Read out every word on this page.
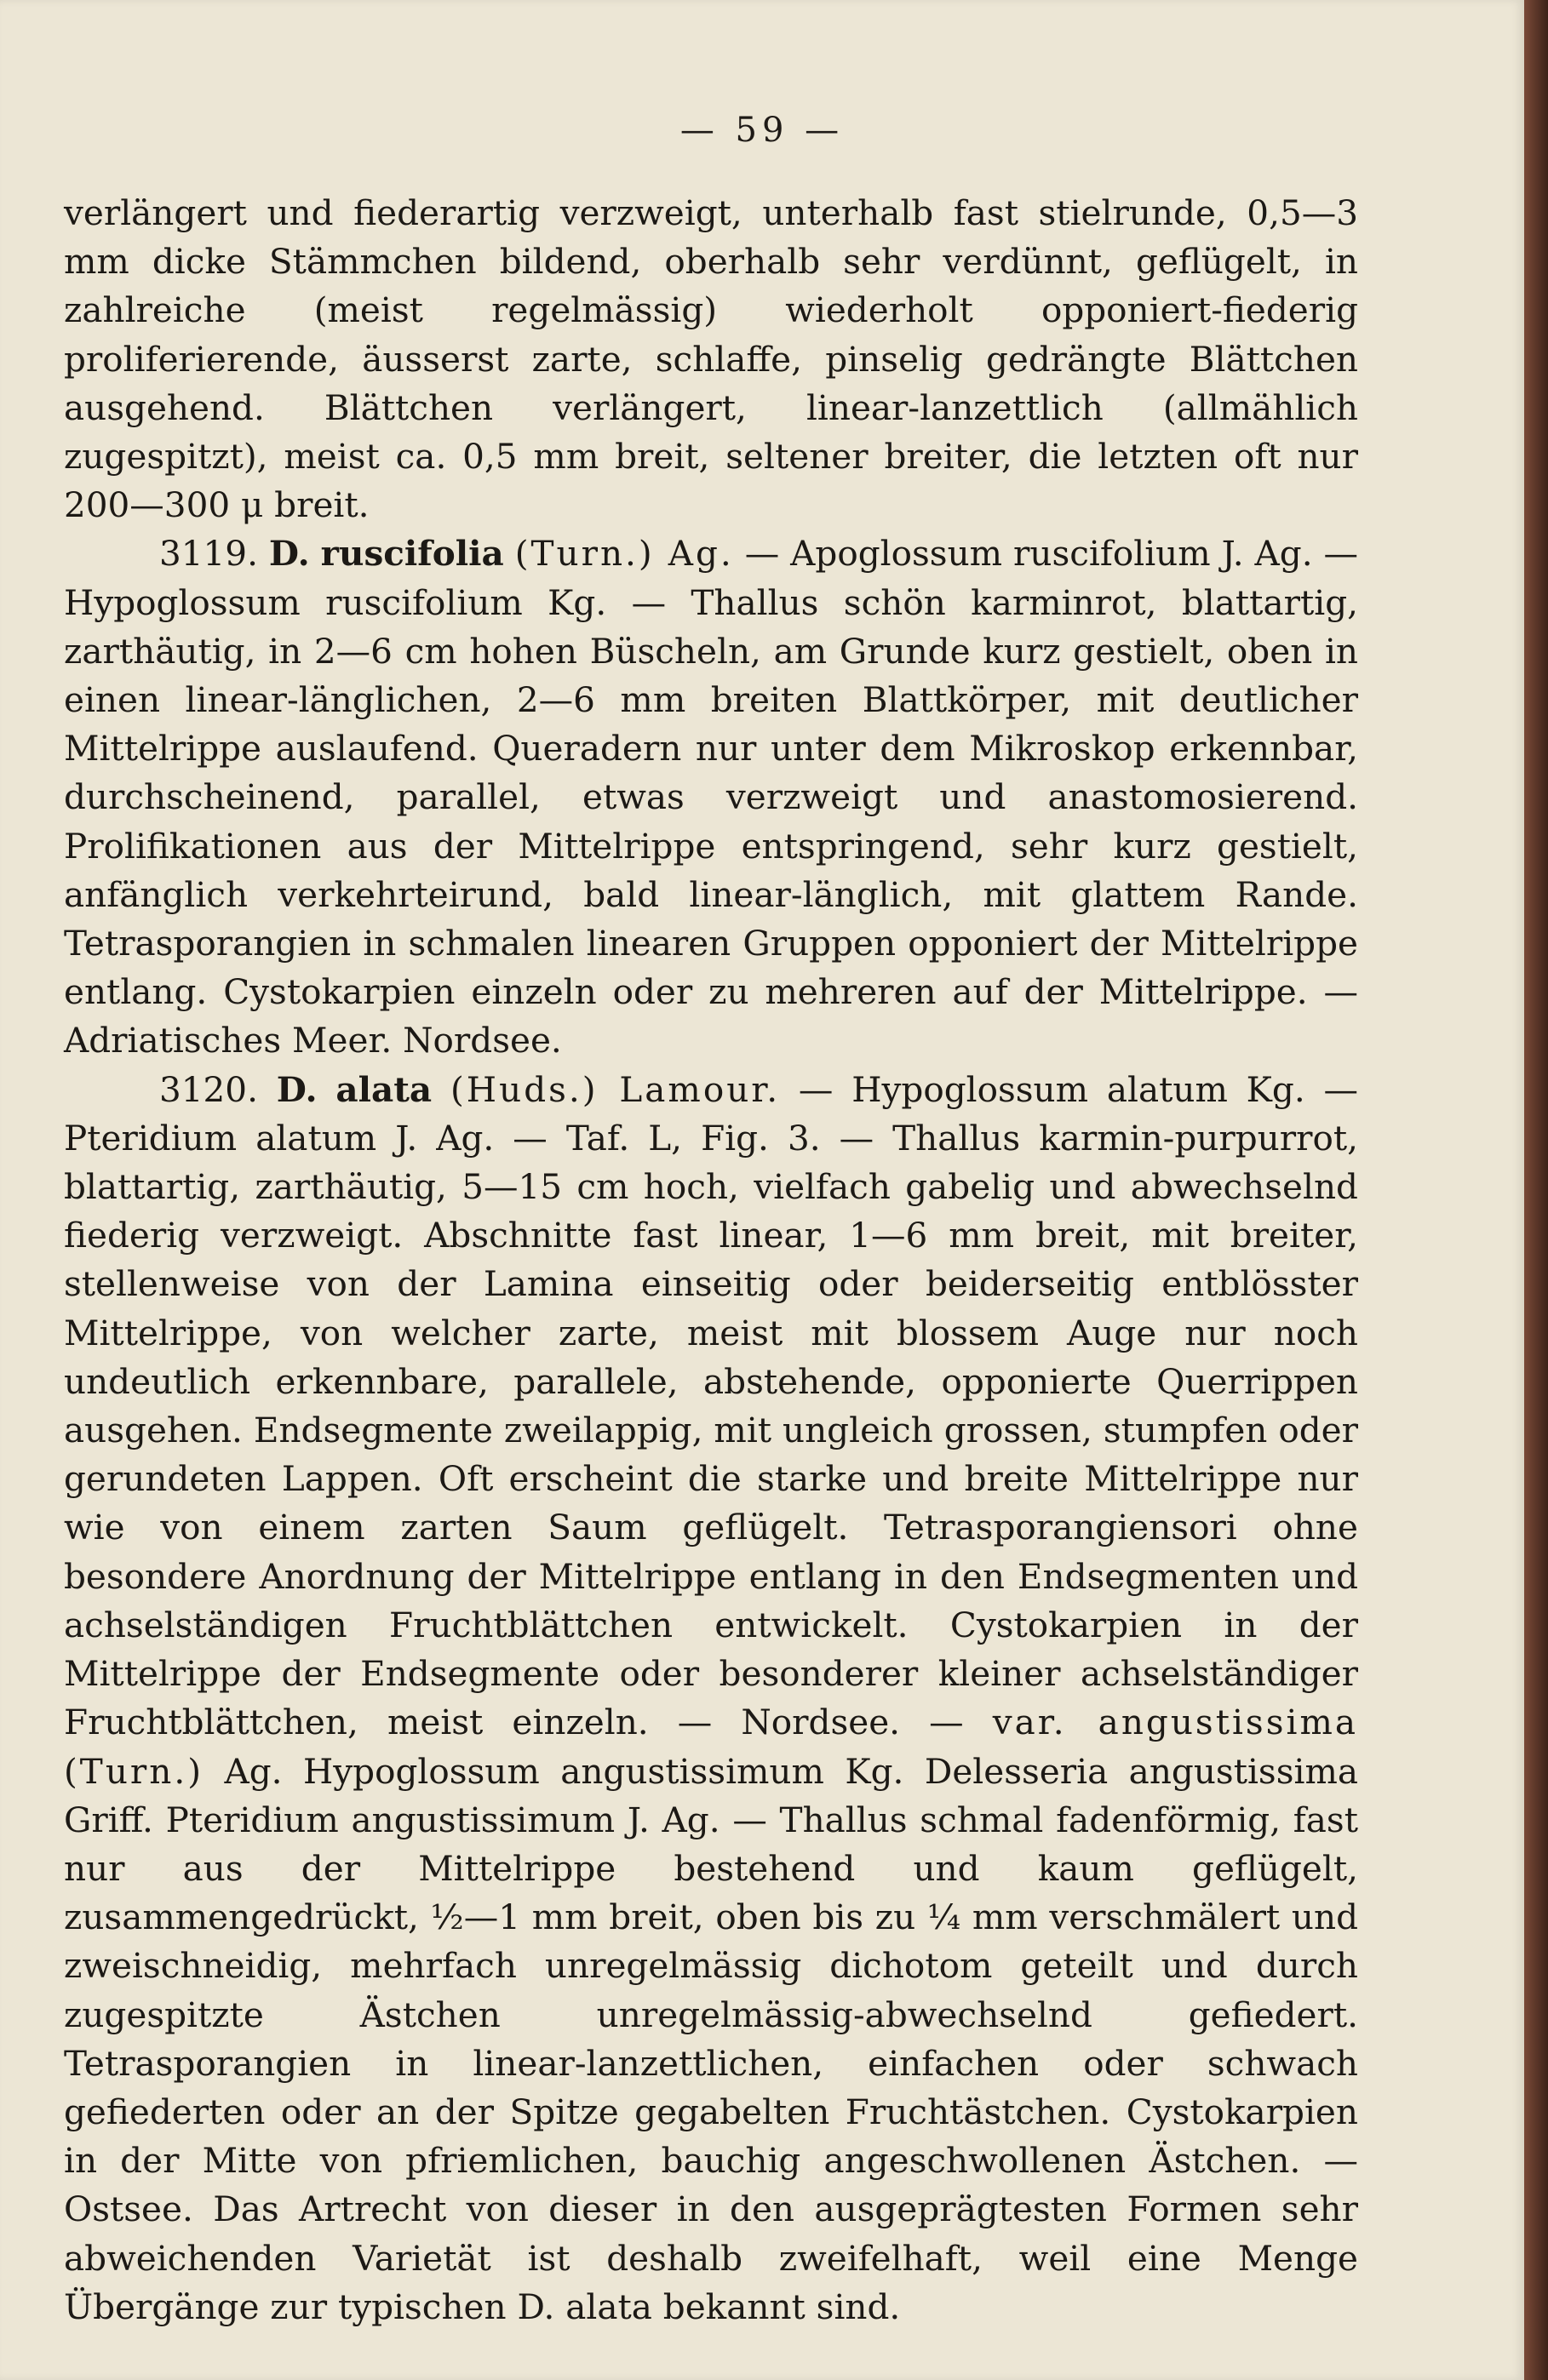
— 59 —

verlängert und fiederartig verzweigt, unterhalb fast stielrunde, 0,5—3 mm dicke Stämmchen bildend, oberhalb sehr verdünnt, geflügelt, in zahlreiche (meist regelmässig) wiederholt opponiert-fiederig proliferierende, äusserst zarte, schlaffe, pinselig gedrängte Blättchen ausgehend. Blättchen verlängert, linear-lanzettlich (allmählich zugespitzt), meist ca. 0,5 mm breit, seltener breiter, die letzten oft nur 200—300 μ breit.

3119. D. ruscifolia (Turn.) Ag. — Apoglossum ruscifolium J. Ag. — Hypoglossum ruscifolium Kg. — Thallus schön karminrot, blattartig, zarthäutig, in 2—6 cm hohen Büscheln, am Grunde kurz gestielt, oben in einen linear-länglichen, 2—6 mm breiten Blattkörper, mit deutlicher Mittelrippe auslaufend. Queradern nur unter dem Mikroskop erkennbar, durchscheinend, parallel, etwas verzweigt und anastomosierend. Prolifikationen aus der Mittelrippe entspringend, sehr kurz gestielt, anfänglich verkehrteirund, bald linear-länglich, mit glattem Rande. Tetrasporangien in schmalen linearen Gruppen opponiert der Mittelrippe entlang. Cystokarpien einzeln oder zu mehreren auf der Mittelrippe. — Adriatisches Meer. Nordsee.

3120. D. alata (Huds.) Lamour. — Hypoglossum alatum Kg. — Pteridium alatum J. Ag. — Taf. L, Fig. 3. — Thallus karmin-purpurrot, blattartig, zarthäutig, 5—15 cm hoch, vielfach gabelig und abwechselnd fiederig verzweigt. Abschnitte fast linear, 1—6 mm breit, mit breiter, stellenweise von der Lamina einseitig oder beiderseitig entblösster Mittelrippe, von welcher zarte, meist mit blossem Auge nur noch undeutlich erkennbare, parallele, abstehende, opponierte Querrippen ausgehen. Endsegmente zweilappig, mit ungleich grossen, stumpfen oder gerundeten Lappen. Oft erscheint die starke und breite Mittelrippe nur wie von einem zarten Saum geflügelt. Tetrasporangiensori ohne besondere Anordnung der Mittelrippe entlang in den Endsegmenten und achselständigen Fruchtblättchen entwickelt. Cystokarpien in der Mittelrippe der Endsegmente oder besonderer kleiner achselständiger Fruchtblättchen, meist einzeln. — Nordsee. — var. angustissima (Turn.) Ag. Hypoglossum angustissimum Kg. Delesseria angustissima Griff. Pteridium angustissimum J. Ag. — Thallus schmal fadenförmig, fast nur aus der Mittelrippe bestehend und kaum geflügelt, zusammengedrückt, ½—1 mm breit, oben bis zu ¼ mm verschmälert und zweischneidig, mehrfach unregelmässig dichotom geteilt und durch zugespitzte Ästchen unregelmässig-abwechselnd gefiedert. Tetrasporangien in linear-lanzettlichen, einfachen oder schwach gefiederten oder an der Spitze gegabelten Fruchtästchen. Cystokarpien in der Mitte von pfriemlichen, bauchig angeschwollenen Ästchen. — Ostsee. Das Artrecht von dieser in den ausgeprägtesten Formen sehr abweichenden Varietät ist deshalb zweifelhaft, weil eine Menge Übergänge zur typischen D. alata bekannt sind.
